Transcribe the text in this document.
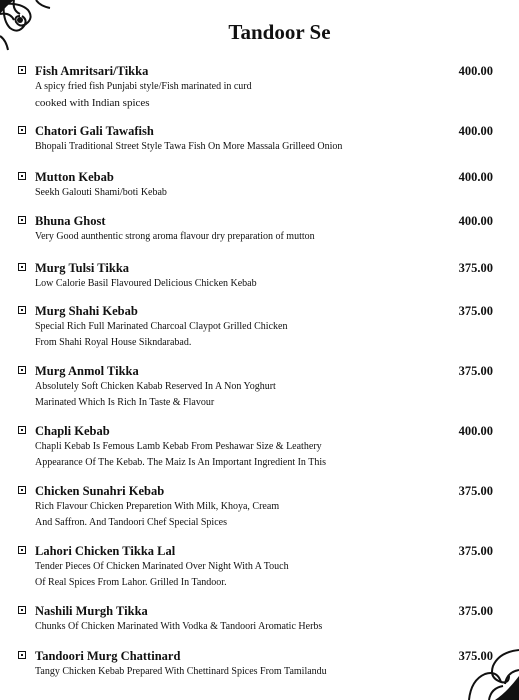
Tandoor Se
Fish Amritsari/Tikka	400.00
A spicy fried fish Punjabi style/Fish marinated in curd
cooked with Indian spices
Chatori Gali Tawafish	400.00
Bhopali Traditional Street Style Tawa Fish On More Massala Grilleed Onion
Mutton Kebab	400.00
Seekh Galouti Shami/boti Kebab
Bhuna Ghost	400.00
Very Good aunthentic strong aroma flavour dry preparation of mutton
Murg Tulsi Tikka	375.00
Low Calorie Basil Flavoured Delicious Chicken Kebab
Murg Shahi Kebab	375.00
Special Rich Full Marinated Charcoal Claypot Grilled Chicken
From Shahi Royal House Sikndarabad.
Murg Anmol Tikka	375.00
Absolutely Soft Chicken Kabab Reserved In A Non Yoghurt
Marinated Which Is Rich In Taste & Flavour
Chapli Kebab	400.00
Chapli Kebab Is Femous Lamb Kebab From Peshawar Size & Leathery
Appearance Of The Kebab. The Maiz Is An Important Ingredient In This
Chicken Sunahri Kebab	375.00
Rich Flavour Chicken Preparetion With Milk, Khoya, Cream
And Saffron. And Tandoori Chef Special Spices
Lahori Chicken Tikka Lal	375.00
Tender Pieces Of Chicken Marinated Over Night With A Touch
Of Real Spices From Lahor. Grilled In Tandoor.
Nashili Murgh Tikka	375.00
Chunks Of Chicken Marinated With Vodka & Tandoori Aromatic Herbs
Tandoori Murg Chattinard	375.00
Tangy Chicken Kebab Prepared With Chettinard Spices From Tamilandu
